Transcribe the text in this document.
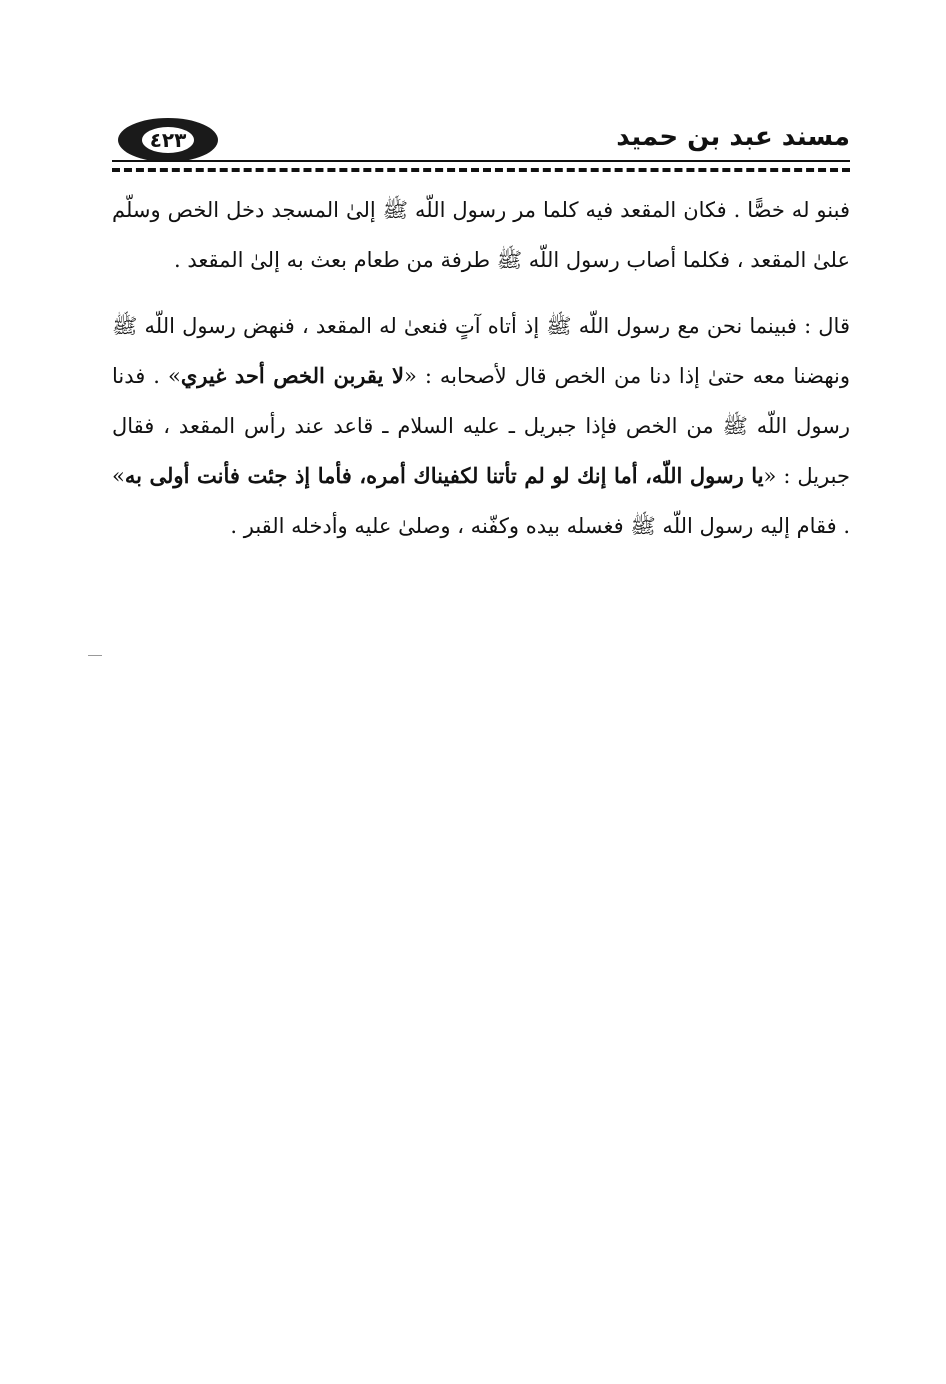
مسند عبد بن حميد
٤٢٣

فبنو له خصًّا . فكان المقعد فيه كلما مر رسول اللّه ﷺ إلىٰ المسجد دخل الخص وسلّم علىٰ المقعد ، فكلما أصاب رسول اللّه ﷺ طرفة من طعام بعث به إلىٰ المقعد .

قال : فبينما نحن مع رسول اللّه ﷺ إذ أتاه آتٍ فنعىٰ له المقعد ، فنهض رسول اللّه ﷺ ونهضنا معه حتىٰ إذا دنا من الخص قال لأصحابه : «لا يقربن الخص أحد غيري» . فدنا رسول اللّه ﷺ من الخص فإذا جبريل ـ عليه السلام ـ قاعد عند رأس المقعد ، فقال جبريل : «يا رسول اللّه، أما إنك لو لم تأتنا لكفيناك أمره، فأما إذ جئت فأنت أولى به» . فقام إليه رسول اللّه ﷺ فغسله بيده وكفّنه ، وصلىٰ عليه وأدخله القبر .
